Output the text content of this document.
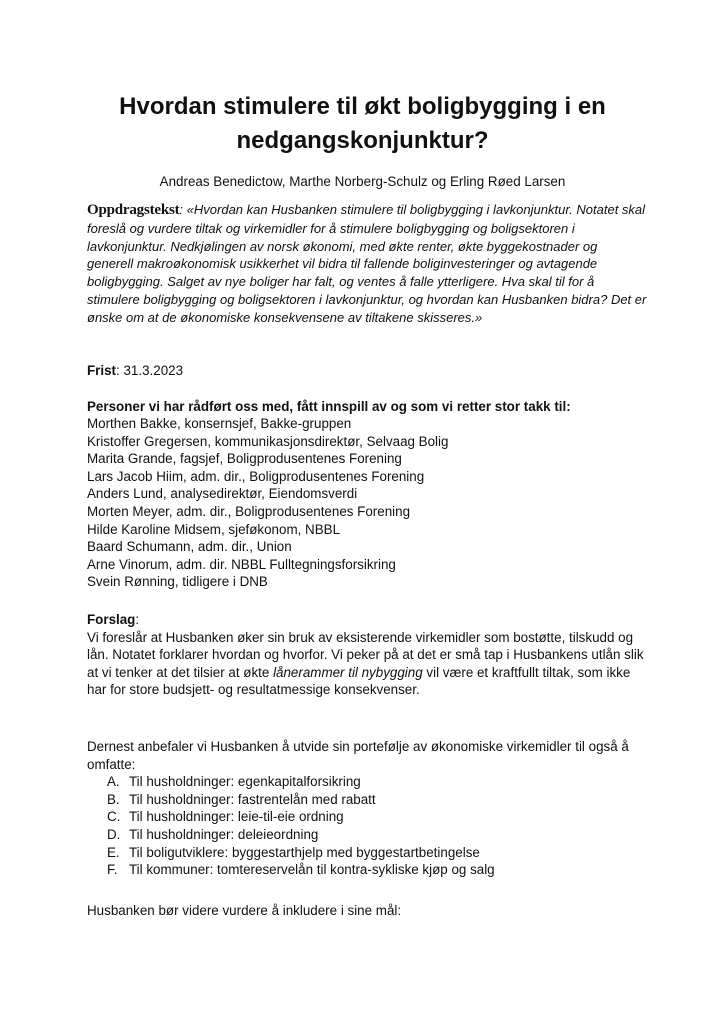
Hvordan stimulere til økt boligbygging i en nedgangskonjunktur?
Andreas Benedictow, Marthe Norberg-Schulz og Erling Røed Larsen
Oppdragstekst: «Hvordan kan Husbanken stimulere til boligbygging i lavkonjunktur. Notatet skal foreslå og vurdere tiltak og virkemidler for å stimulere boligbygging og boligsektoren i lavkonjunktur. Nedkjølingen av norsk økonomi, med økte renter, økte byggekostnader og generell makroøkonomisk usikkerhet vil bidra til fallende boliginvesteringer og avtagende boligbygging. Salget av nye boliger har falt, og ventes å falle ytterligere. Hva skal til for å stimulere boligbygging og boligsektoren i lavkonjunktur, og hvordan kan Husbanken bidra? Det er ønske om at de økonomiske konsekvensene av tiltakene skisseres.»
Frist: 31.3.2023
Personer vi har rådført oss med, fått innspill av og som vi retter stor takk til:
Morthen Bakke, konsernsjef, Bakke-gruppen
Kristoffer Gregersen, kommunikasjonsdirektør, Selvaag Bolig
Marita Grande, fagsjef, Boligprodusentenes Forening
Lars Jacob Hiim, adm. dir., Boligprodusentenes Forening
Anders Lund, analysedirektør, Eiendomsverdi
Morten Meyer, adm. dir., Boligprodusentenes Forening
Hilde Karoline Midsem, sjeføkonom, NBBL
Baard Schumann, adm. dir., Union
Arne Vinorum, adm. dir. NBBL Fulltegningsforsikring
Svein Rønning, tidligere i DNB
Forslag:
Vi foreslår at Husbanken øker sin bruk av eksisterende virkemidler som bostøtte, tilskudd og lån. Notatet forklarer hvordan og hvorfor. Vi peker på at det er små tap i Husbankens utlån slik at vi tenker at det tilsier at økte lånerammer til nybygging vil være et kraftfullt tiltak, som ikke har for store budsjett- og resultatmessige konsekvenser.
Dernest anbefaler vi Husbanken å utvide sin portefølje av økonomiske virkemidler til også å omfatte:
A. Til husholdninger: egenkapitalforsikring
B. Til husholdninger: fastrentelån med rabatt
C. Til husholdninger: leie-til-eie ordning
D. Til husholdninger: deleieordning
E. Til boligutviklere: byggestarthjelp med byggestartbetingelse
F. Til kommuner: tomtereservelån til kontra-sykliske kjøp og salg
Husbanken bør videre vurdere å inkludere i sine mål:
